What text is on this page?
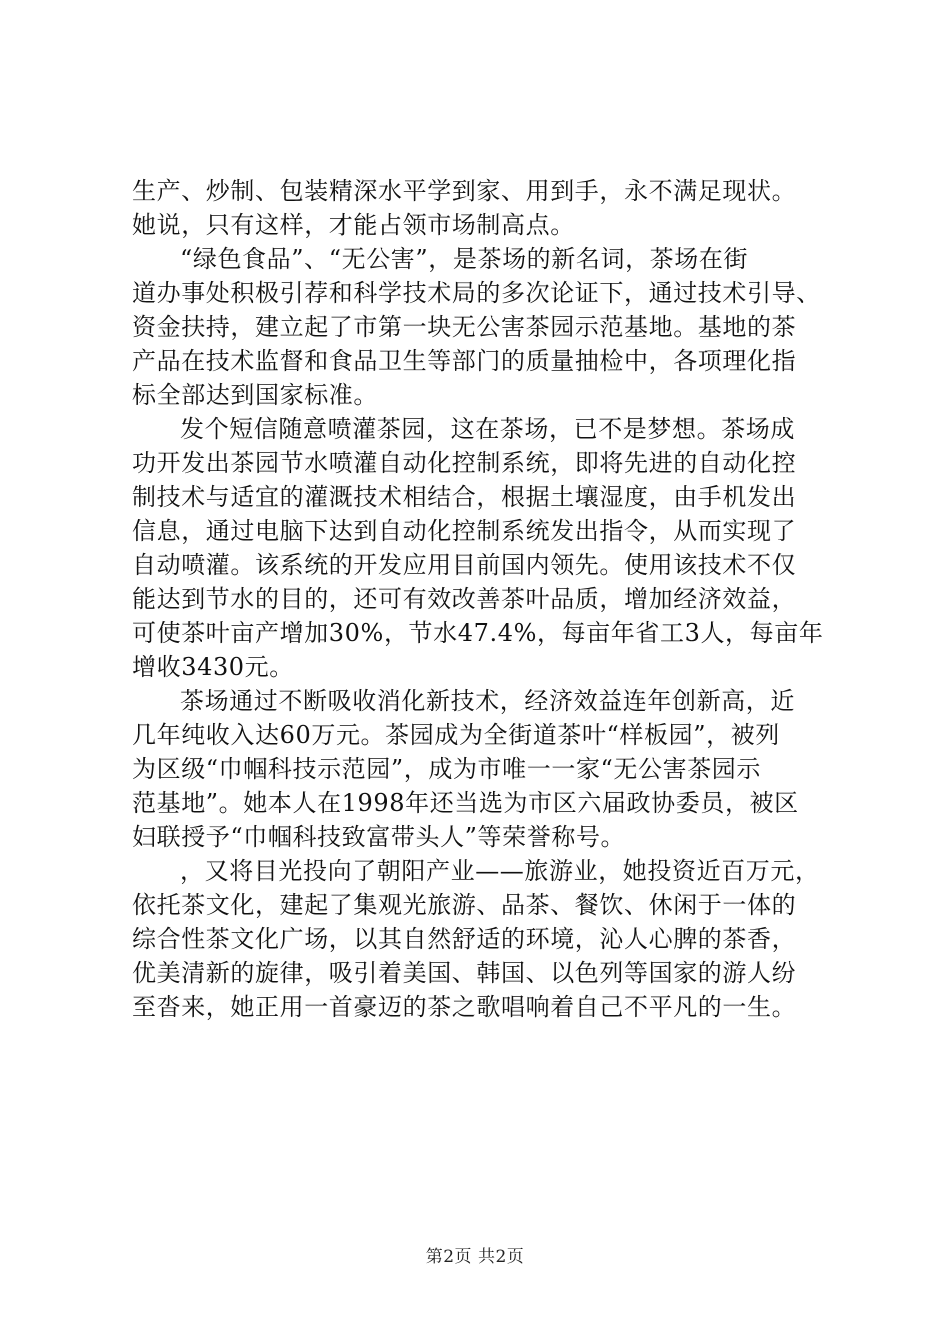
生产、炒制、包装精深水平学到家、用到手，永不满足现状。
她说，只有这样，才能占领市场制高点。
“绿色食品”、“无公害”，是茶场的新名词，茶场在街
道办事处积极引荐和科学技术局的多次论证下，通过技术引导、
资金扶持，建立起了市第一块无公害茶园示范基地。基地的茶
产品在技术监督和食品卫生等部门的质量抽检中，各项理化指
标全部达到国家标准。
发个短信随意喷灌茶园，这在茶场，已不是梦想。茶场成
功开发出茶园节水喷灌自动化控制系统，即将先进的自动化控
制技术与适宜的灌溉技术相结合，根据土壤湿度，由手机发出
信息，通过电脑下达到自动化控制系统发出指令，从而实现了
自动喷灌。该系统的开发应用目前国内领先。使用该技术不仅
能达到节水的目的，还可有效改善茶叶品质，增加经济效益，
可使茶叶亩产增加30%，节水47.4%，每亩年省工3人，每亩年
增收3430元。
茶场通过不断吸收消化新技术，经济效益连年创新高，近
几年纯收入达60万元。茶园成为全街道茶叶“样板园”，被列
为区级“巾帼科技示范园”，成为市唯一一家“无公害茶园示
范基地”。她本人在1998年还当选为市区六届政协委员，被区
妇联授予“巾帼科技致富带头人”等荣誉称号。
，又将目光投向了朝阳产业——旅游业，她投资近百万元，
依托茶文化，建起了集观光旅游、品茶、餐饮、休闲于一体的
综合性茶文化广场，以其自然舒适的环境，沁人心脾的茶香，
优美清新的旋律，吸引着美国、韩国、以色列等国家的游人纷
至沓来，她正用一首豪迈的茶之歌唱响着自己不平凡的一生。
第2页 共2页
